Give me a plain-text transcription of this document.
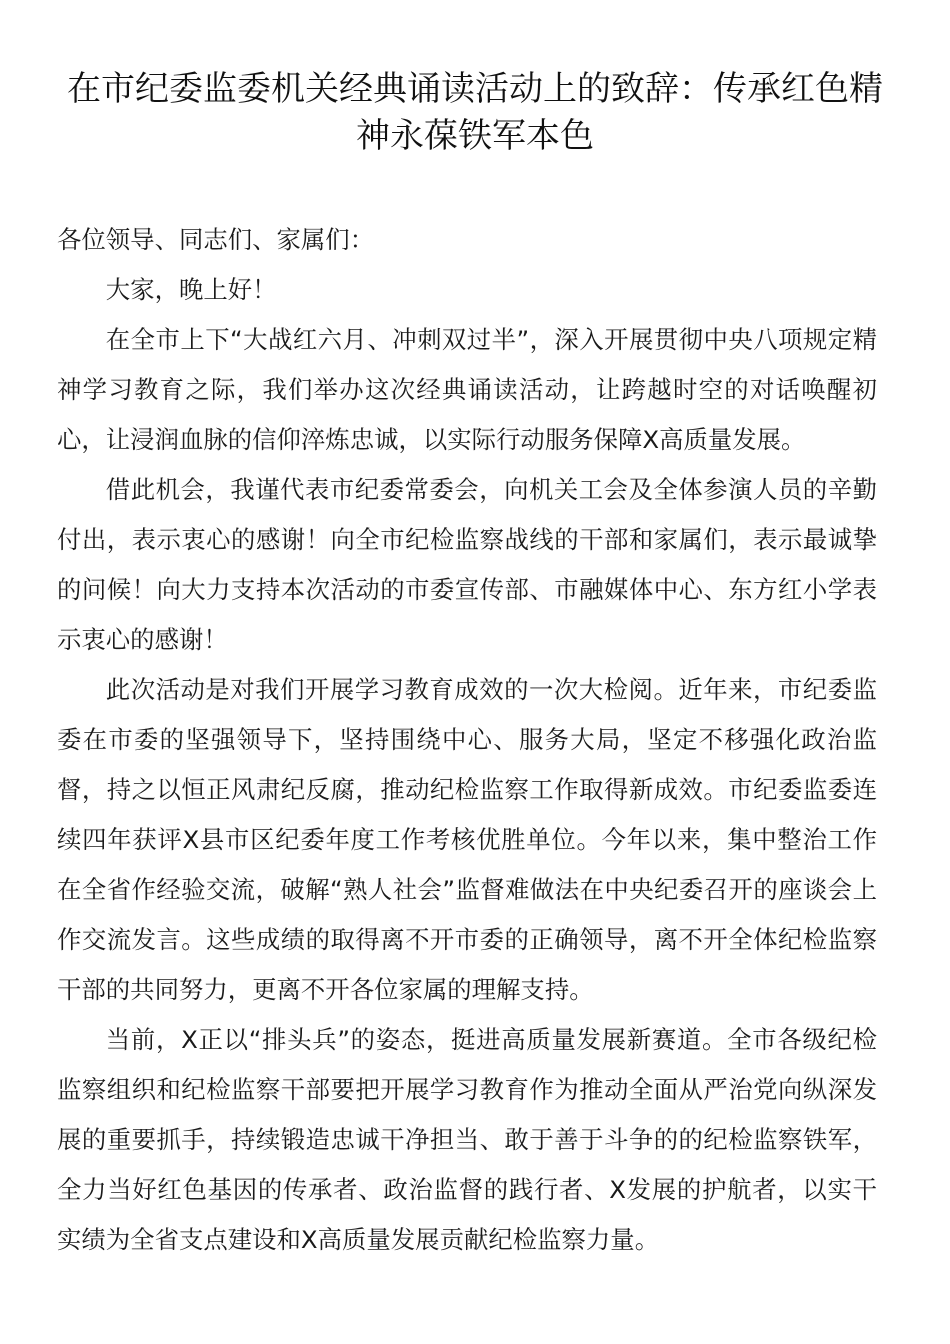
在市纪委监委机关经典诵读活动上的致辞：传承红色精神永葆铁军本色

各位领导、同志们、家属们：

大家，晚上好！

在全市上下“大战红六月、冲刺双过半”，深入开展贯彻中央八项规定精神学习教育之际，我们举办这次经典诵读活动，让跨越时空的对话唤醒初心，让浸润血脉的信仰淬炼忠诚，以实际行动服务保障X高质量发展。

借此机会，我谨代表市纪委常委会，向机关工会及全体参演人员的辛勤付出，表示衷心的感谢！向全市纪检监察战线的干部和家属们，表示最诚挚的问候！向大力支持本次活动的市委宣传部、市融媒体中心、东方红小学表示衷心的感谢！

此次活动是对我们开展学习教育成效的一次大检阅。近年来，市纪委监委在市委的坚强领导下，坚持围绕中心、服务大局，坚定不移强化政治监督，持之以恒正风肃纪反腐，推动纪检监察工作取得新成效。市纪委监委连续四年获评X县市区纪委年度工作考核优胜单位。今年以来，集中整治工作在全省作经验交流，破解“熟人社会”监督难做法在中央纪委召开的座谈会上作交流发言。这些成绩的取得离不开市委的正确领导，离不开全体纪检监察干部的共同努力，更离不开各位家属的理解支持。

当前，X正以“排头兵”的姿态，挺进高质量发展新赛道。全市各级纪检监察组织和纪检监察干部要把开展学习教育作为推动全面从严治党向纵深发展的重要抓手，持续锻造忠诚干净担当、敢于善于斗争的的纪检监察铁军，全力当好红色基因的传承者、政治监督的践行者、X发展的护航者，以实干实绩为全省支点建设和X高质量发展贡献纪检监察力量。
